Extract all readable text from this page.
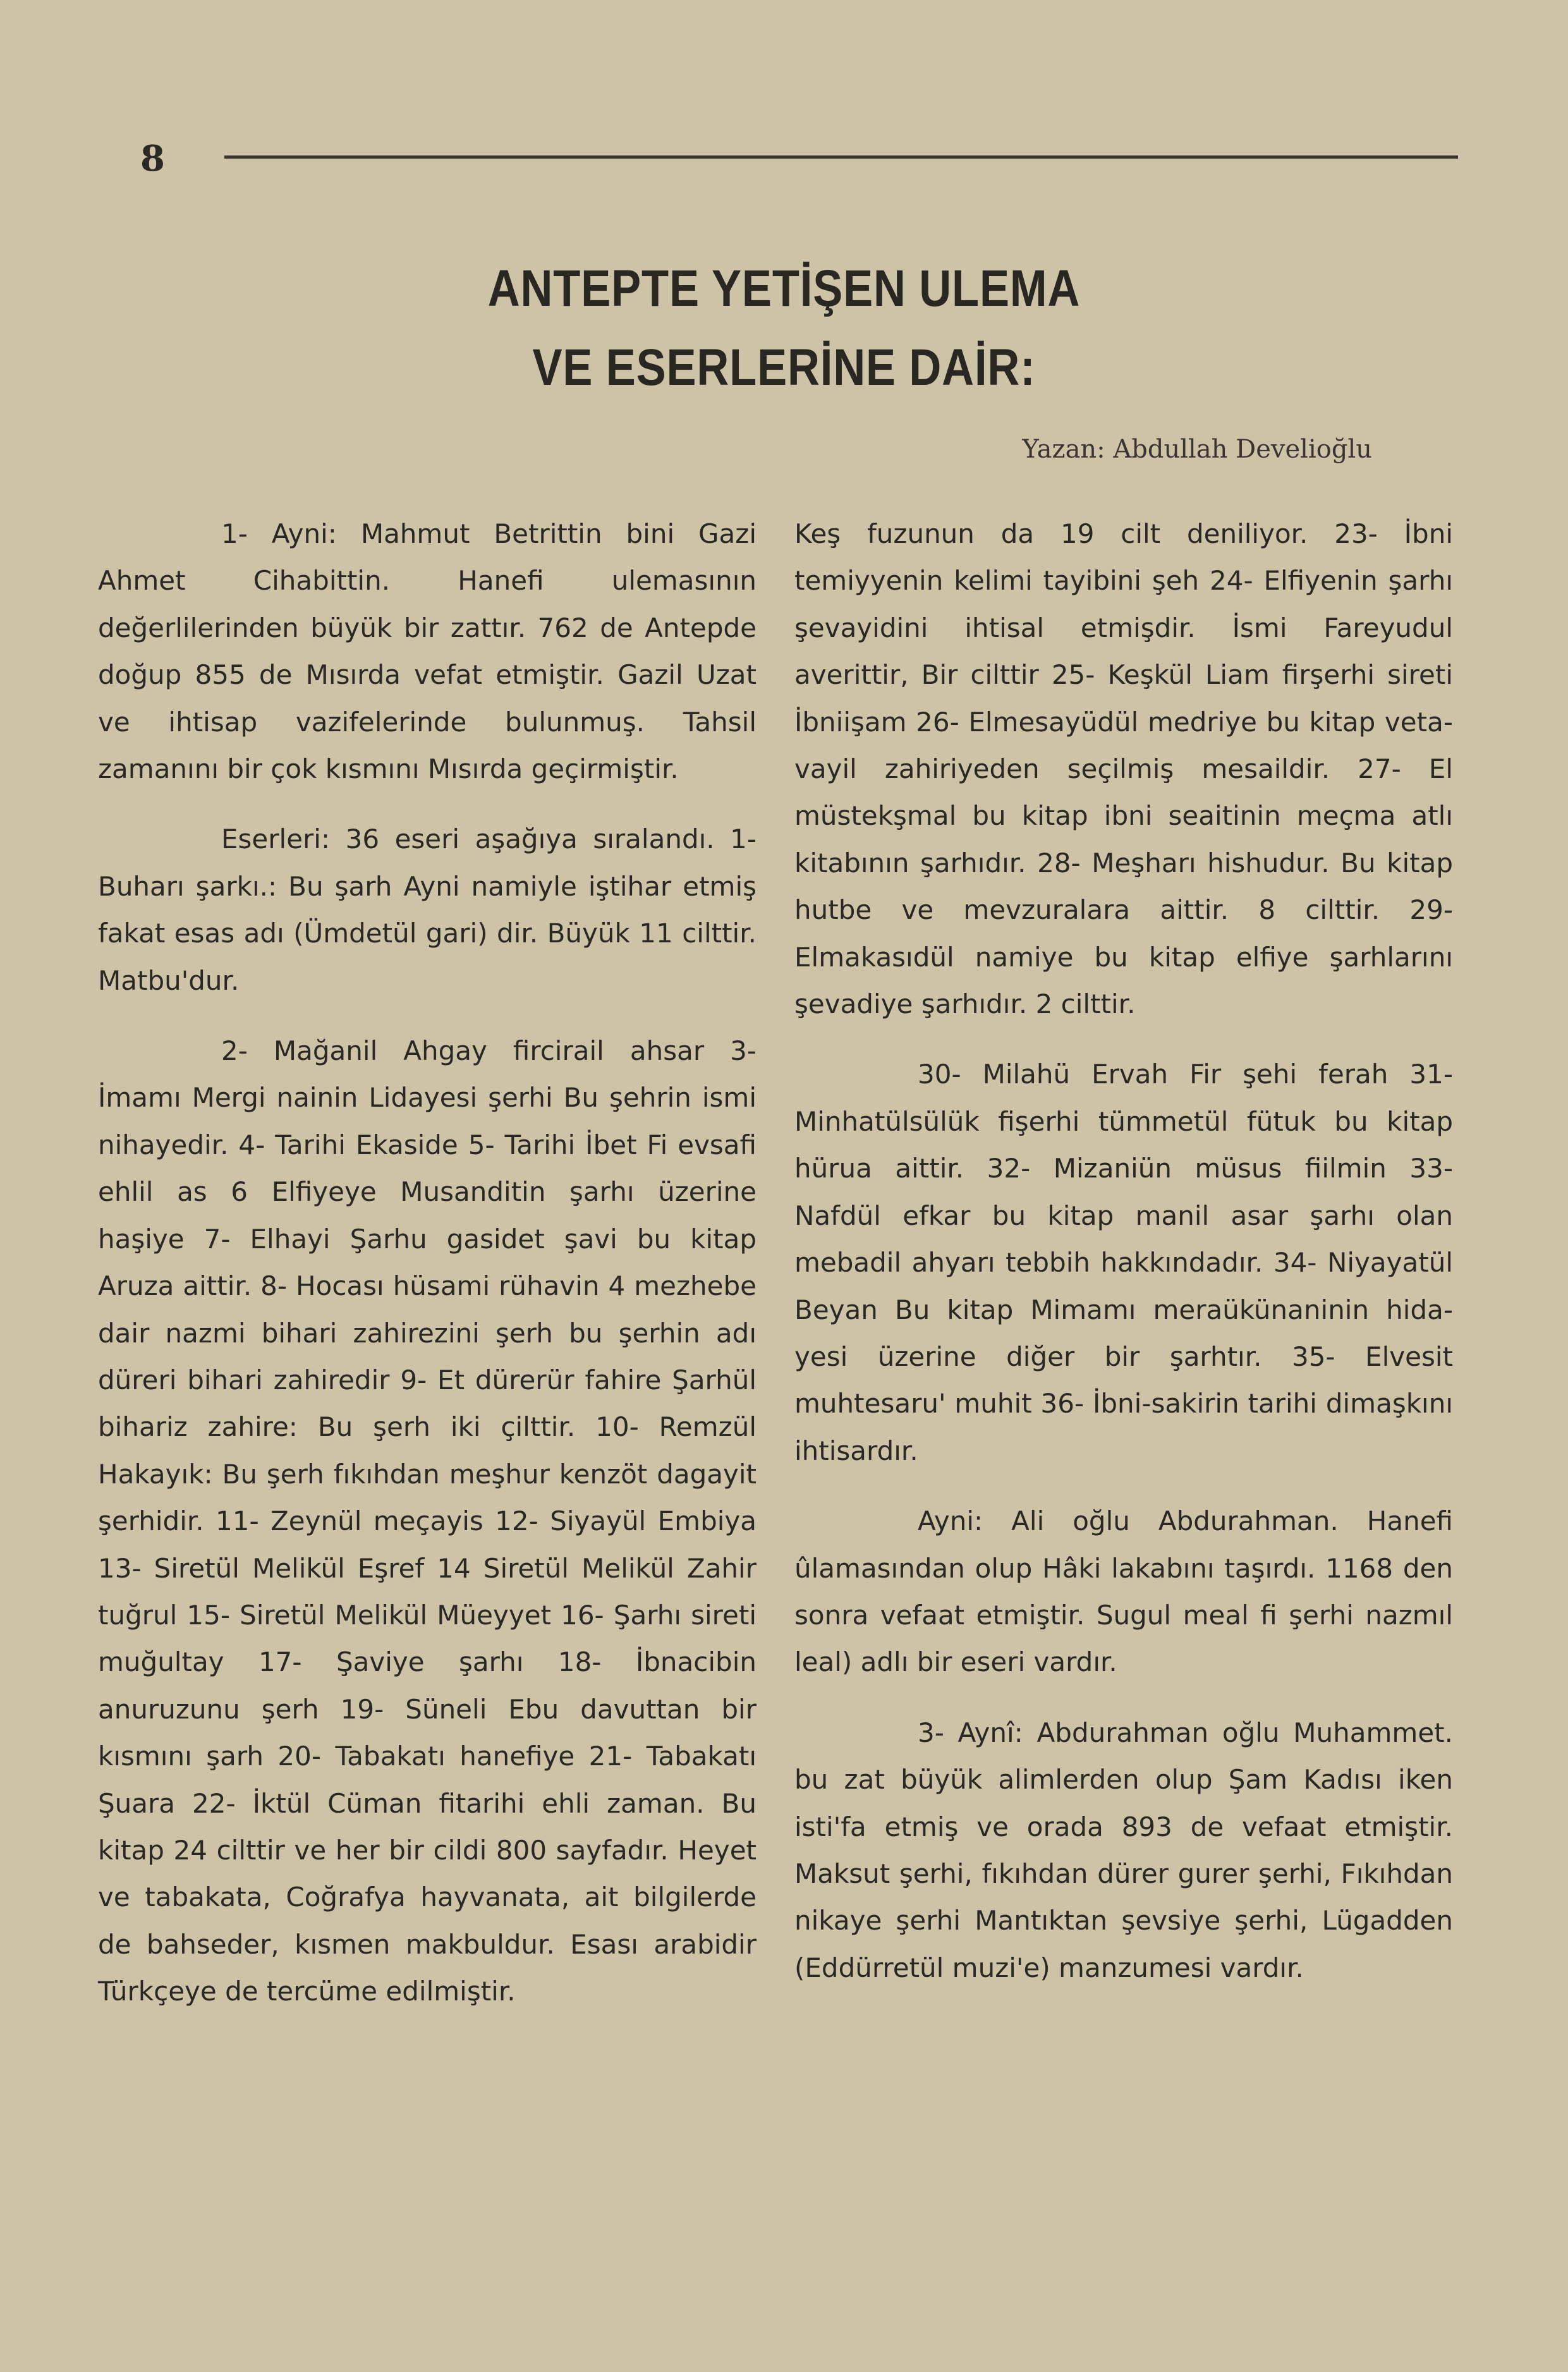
8
ANTEPTE YETİŞEN ULEMA
VE ESERLERİNE DAİR:
Yazan: Abdullah Develioğlu

1- Ayni: Mahmut Betrittin bini Gazi Ahmet Cihabittin. Hanefi ulemasının değerlilerinden büyük bir zattır. 762 de Antepde doğup 855 de Mısırda vefat etmiştir. Gazil Uzat ve ihtisap vazifelerinde bulunmuş. Tahsil zamanını bir çok kısmını Mısırda geçirmiştir.

Eserleri: 36 eseri aşağıya sıralandı. 1- Buharı şarkı.: Bu şarh Ayni namiyle iştihar etmiş fakat esas adı (Ümdetül gari) dir. Büyük 11 cilttir. Matbu'dur.

2- Mağanil Ahgay fircirail ahsar 3- İmamı Mergi nainin Lidayesi şerhi Bu şehrin ismi nihayedir. 4- Tarihi Ekaside 5- Tarihi İbet Fi evsafi ehlil as 6 Elfiyeye Musanditin şarhı üzerine haşiye 7- Elhayi Şarhu gasidet şavi bu kitap Aruza aittir. 8- Hocası hüsami rühavin 4 mezhebe dair nazmi bihari zahirezini şerh bu şerhin adı düreri bihari zahiredir 9- Et dürerür fahire Şarhül bihariz zahire: Bu şerh iki çilttir. 10- Remzül Hakayık: Bu şerh fıkıhdan meşhur kenzöt dagayit şerhidir. 11- Zeynül meçayis 12- Siyayül Embiya 13- Siretül Melikül Eşref 14 Siretül Melikül Zahir tuğrul 15- Siretül Melikül Müeyyet 16- Şarhı sireti muğultay 17- Şaviye şarhı 18- İbnacibin anuruzunu şerh 19- Süneli Ebu davuttan bir kısmını şarh 20- Tabakatı hanefiye 21- Tabakatı Şuara 22- İktül Cüman fitarihi ehli zaman. Bu kitap 24 cilttir ve her bir cildi 800 sayfadır. Heyet ve tabakata, Coğrafya hayvanata, ait bilgilerde de bahseder, kısmen makbuldur. Esası arabidir Türkçeye de tercüme edilmiştir.

Keş fuzunun da 19 cilt deniliyor. 23- İbni temiyyenin kelimi tayibini şeh 24- Elfiyenin şarhı şevayidini ihtisal etmişdir. İsmi Fareyudul averittir, Bir cilttir 25- Keşkül Liam firşerhi sireti İbniişam 26- Elmesayüdül medriye bu kitap vetavayil zahiriyeden seçilmiş mesaildir. 27- El müstekşmal bu kitap ibni seaitinin meçma atlı kitabının şarhıdır. 28- Meşharı hishudur. Bu kitap hutbe ve mevzuralara aittir. 8 cilttir. 29- Elmakasıdül namiye bu kitap elfiye şarhlarını şevadiye şarhıdır. 2 cilttir.

30- Milahü Ervah Fir şehi ferah 31- Minhatülsülük fişerhi tümmetül fütuk bu kitap hürua aittir. 32- Mizaniün müsus fiilmin 33- Nafdül efkar bu kitap manil asar şarhı olan mebadil ahyarı tebbih hakkındadır. 34- Niyayatül Beyan Bu kitap Mimamı meraükünaninin hidayesi üzerine diğer bir şarhtır. 35- Elvesit muhtesaru' muhit 36- İbni-sakirin tarihi dimaşkını ihtisardır.

Ayni: Ali oğlu Abdurahman. Hanefi ûlamasından olup Hâki lakabını taşırdı. 1168 den sonra vefaat etmiştir. Sugul meal fi şerhi nazmıl leal) adlı bir eseri vardır.

3- Aynî: Abdurahman oğlu Muhammet. bu zat büyük alimlerden olup Şam Kadısı iken isti'fa etmiş ve orada 893 de vefaat etmiştir. Maksut şerhi, fıkıhdan dürer gurer şerhi, Fıkıhdan nikaye şerhi Mantıktan şevsiye şerhi, Lügadden (Eddürretül muzi'e) manzumesi vardır.
